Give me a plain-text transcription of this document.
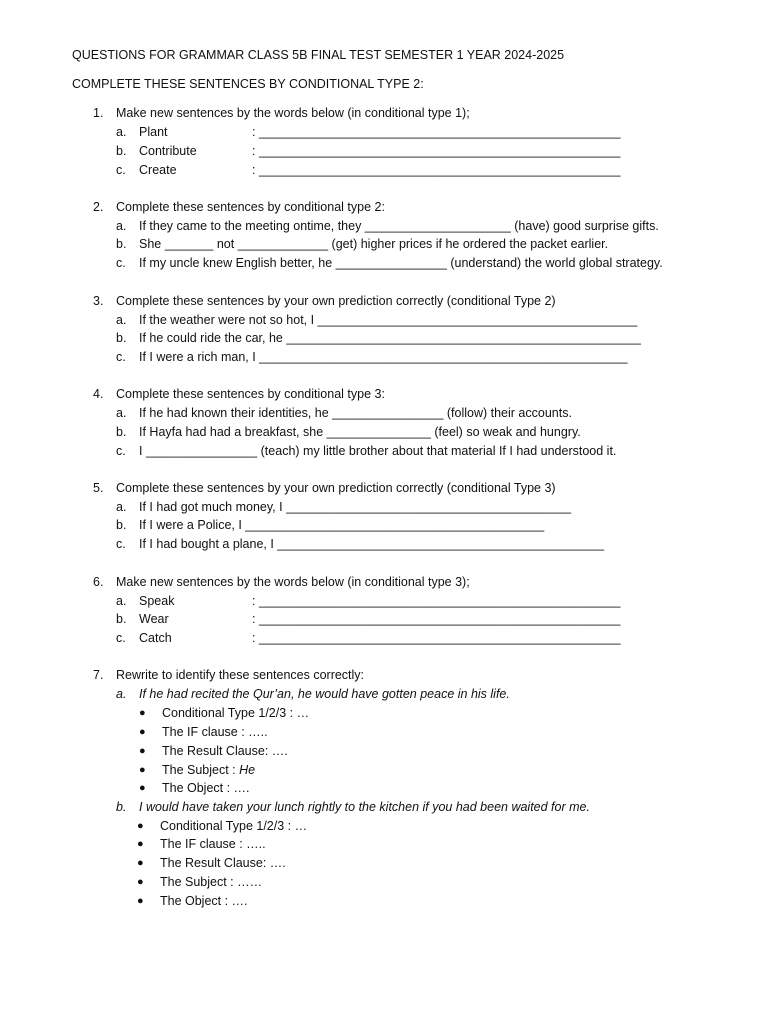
QUESTIONS FOR GRAMMAR CLASS 5B FINAL TEST SEMESTER 1 YEAR 2024-2025
COMPLETE THESE SENTENCES BY CONDITIONAL TYPE 2:
1. Make new sentences by the words below (in conditional type 1);
a. Plant	: ____________________________________________________
b. Contribute	: ____________________________________________________
c. Create	: ____________________________________________________
2. Complete these sentences by conditional type 2:
a. If they came to the meeting ontime, they _____________________ (have) good surprise gifts.
b. She _______ not _____________ (get) higher prices if he ordered the packet earlier.
c. If my uncle knew English better, he ________________ (understand) the world global strategy.
3. Complete these sentences by your own prediction correctly (conditional Type 2)
a. If the weather were not so hot, I ______________________________________________
b. If he could ride the car, he ___________________________________________________
c. If I were a rich man, I _____________________________________________________
4. Complete these sentences by conditional type 3:
a. If he had known their identities, he ________________ (follow) their accounts.
b. If Hayfa had had a breakfast, she _______________ (feel) so weak and hungry.
c. I ________________ (teach) my little brother about that material If I had understood it.
5. Complete these sentences by your own prediction correctly (conditional Type 3)
a. If I had got much money, I _________________________________________
b. If I were a Police, I ___________________________________________
c. If I had bought a plane, I _______________________________________________
6. Make new sentences by the words below (in conditional type 3);
a. Speak	: ____________________________________________________
b. Wear	: ____________________________________________________
c. Catch	: ____________________________________________________
7. Rewrite to identify these sentences correctly:
a. If he had recited the Qur’an, he would have gotten peace in his life.
● Conditional Type 1/2/3 : …
● The IF clause : …..
● The Result Clause: ….
● The Subject : He
● The Object : ….
b. I would have taken your lunch rightly to the kitchen if you had been waited for me.
● Conditional Type 1/2/3 : …
● The IF clause : …..
● The Result Clause: ….
● The Subject : ……
● The Object : ….
